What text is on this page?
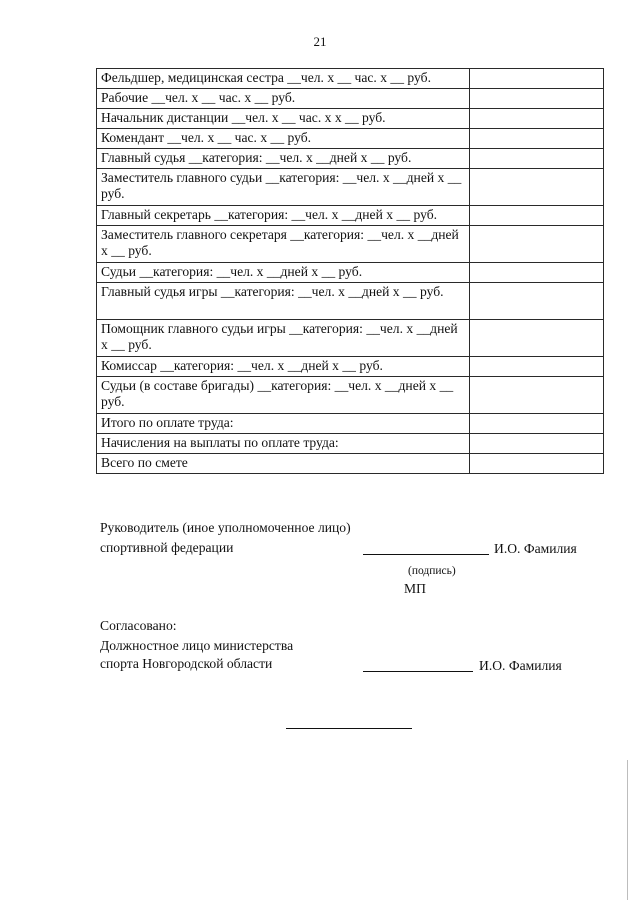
21
Фельдшер, медицинская сестра __чел. х __ час. х __ руб.	
Рабочие __чел. х __ час. х __ руб.	
Начальник дистанции __чел. х __ час. х х __ руб.	
Комендант __чел. х __ час. х __ руб.	
Главный судья __категория: __чел. х __дней х __ руб.	
Заместитель главного судьи __категория: __чел. х __дней х __ руб.	
Главный секретарь __категория: __чел. х __дней х __ руб.	
Заместитель главного секретаря __категория: __чел. х __дней х __ руб.	
Судьи __категория: __чел. х __дней х __ руб.	
Главный судья игры __категория: __чел. х __дней х __ руб.	
Помощник главного судьи игры __категория: __чел. х __дней х __ руб.	
Комиссар __категория: __чел. х __дней х __ руб.	
Судьи (в составе бригады) __категория: __чел. х __дней х __ руб.	
Итого по оплате труда:	
Начисления на выплаты по оплате труда:	
Всего по смете	
Руководитель (иное уполномоченное лицо)
спортивной федерации	И.О. Фамилия
(подпись)
МП
Согласовано:
Должностное лицо министерства
спорта Новгородской области	И.О. Фамилия
